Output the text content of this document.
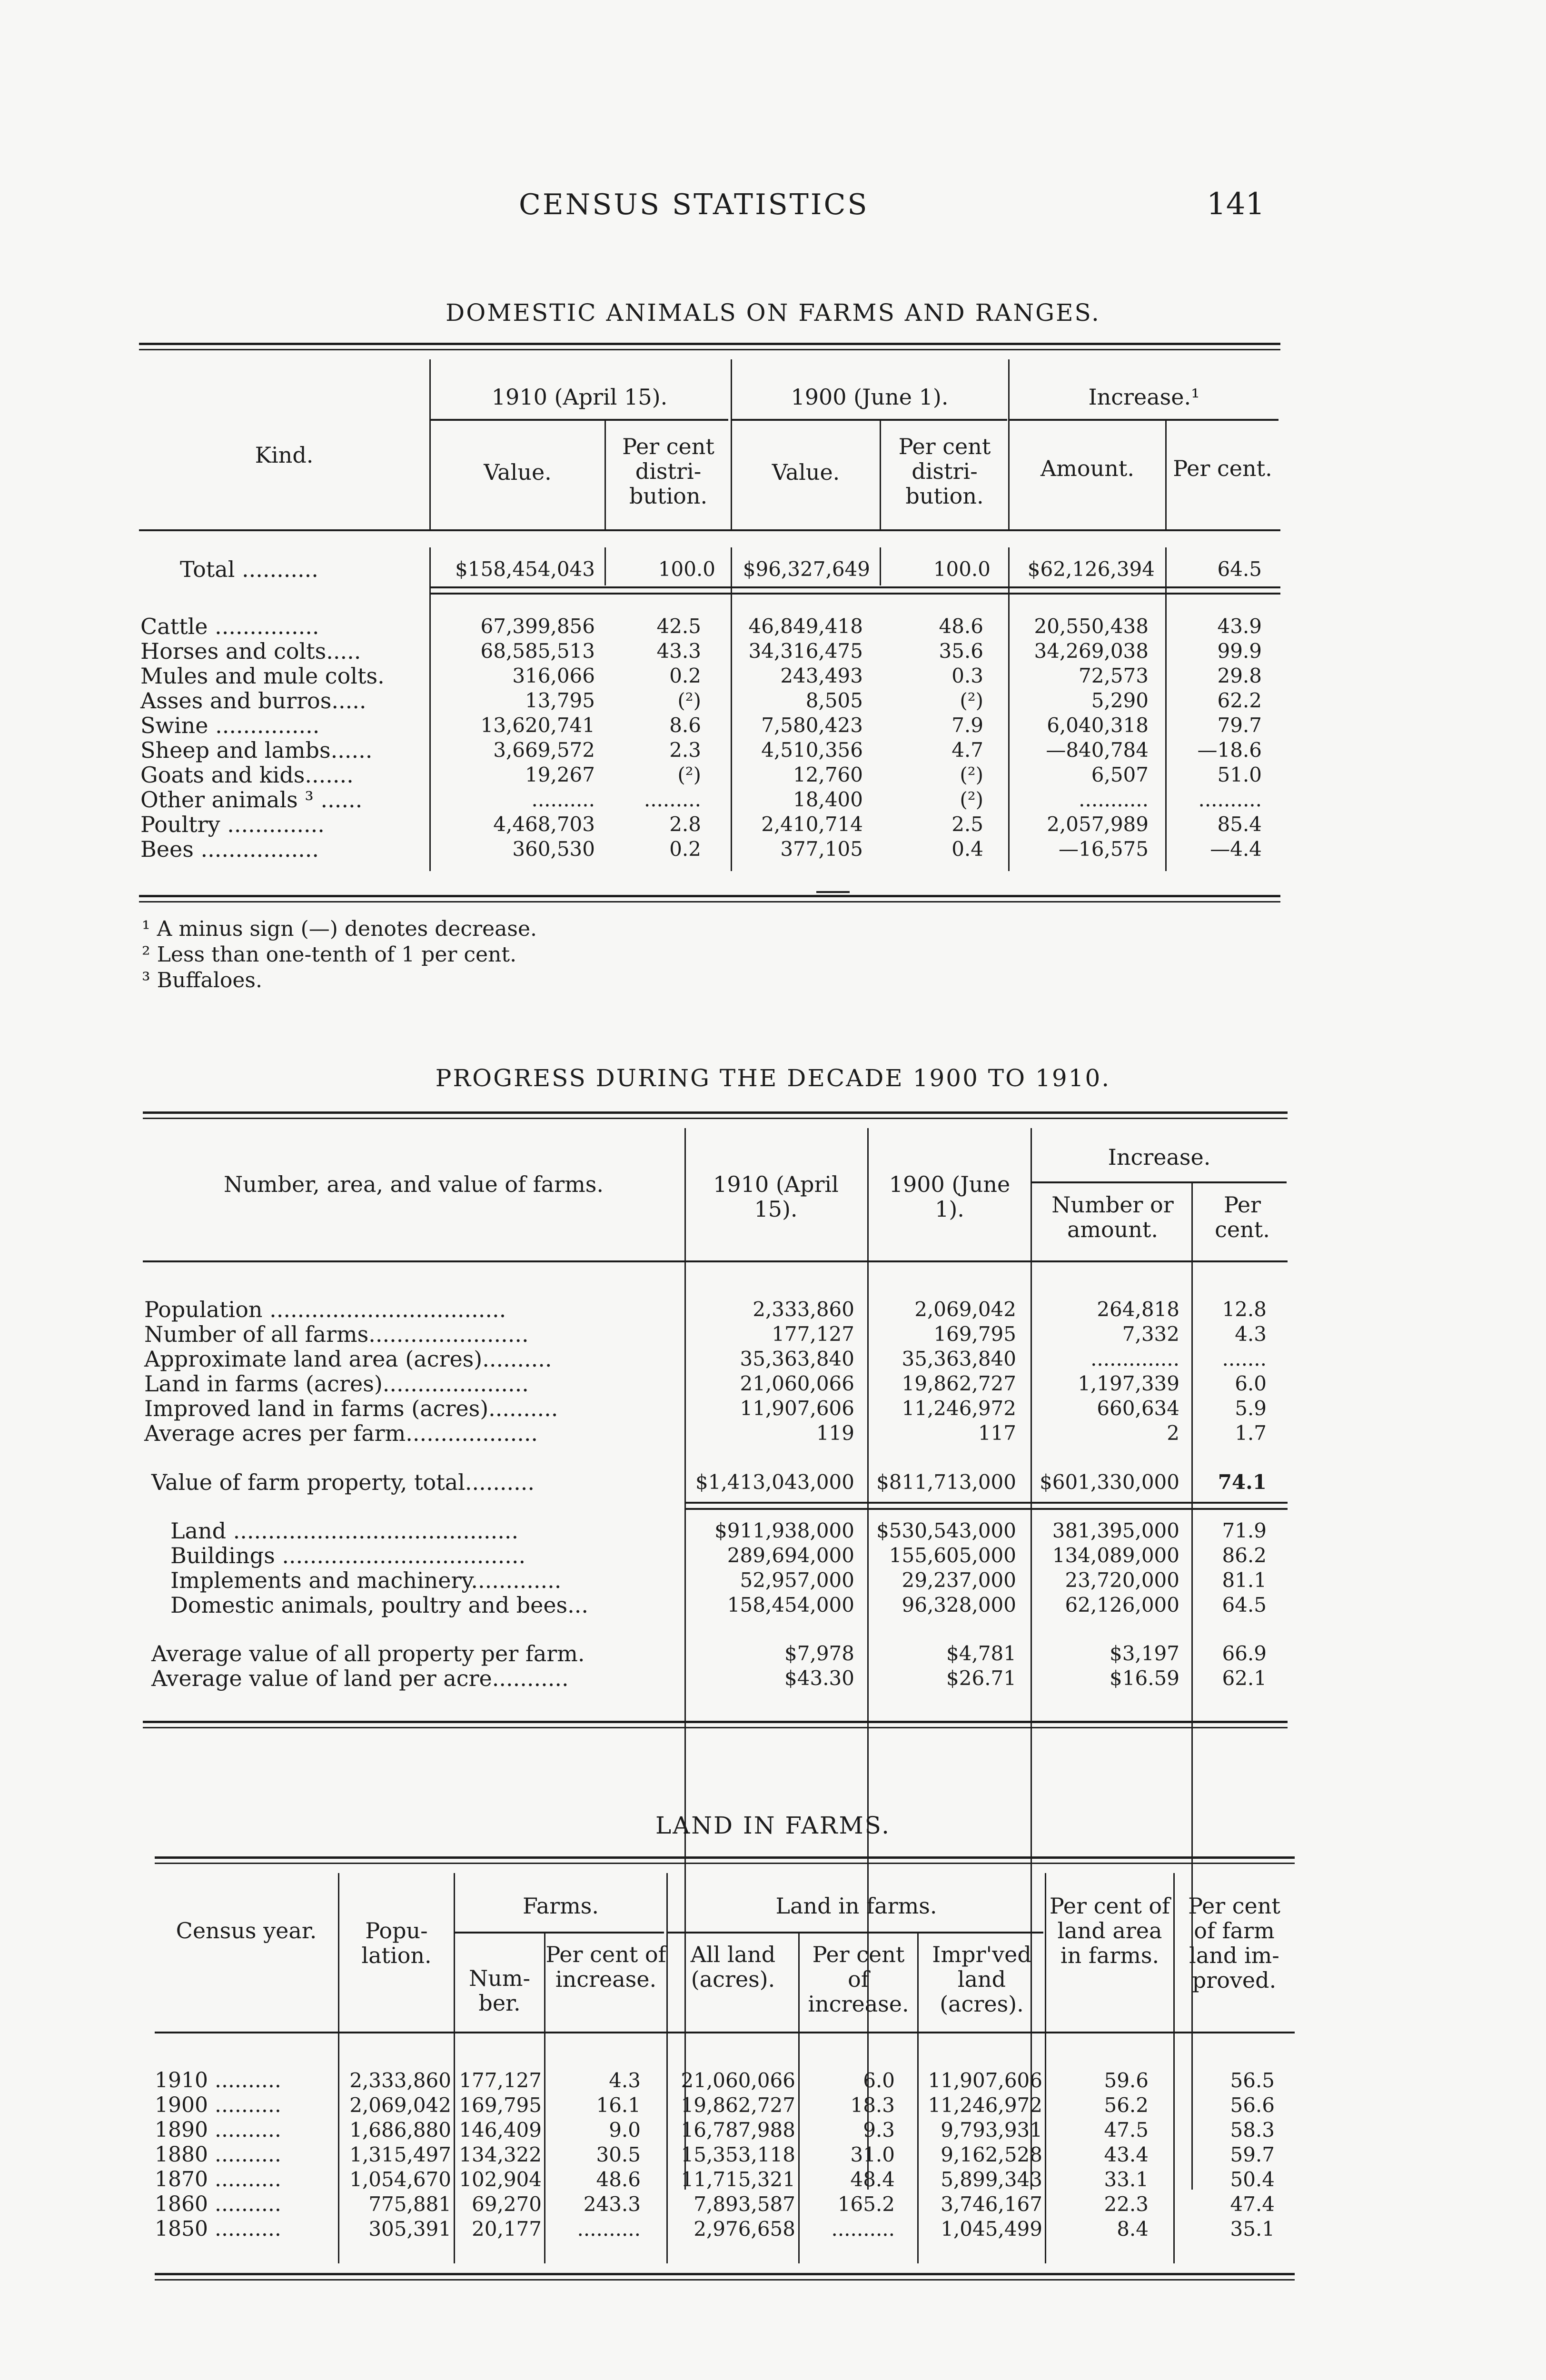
CENSUS STATISTICS	141
DOMESTIC ANIMALS ON FARMS AND RANGES.
Kind.
1910 (April 15).	1900 (June 1).	Increase.¹
Value.
Per cent distri- bution.
Value.
Per cent distri- bution.
Amount.	Per cent.
Total ...........	$158,454,043	100.0	$96,327,649	100.0	$62,126,394	64.5
Cattle ...............	67,399,856	42.5	46,849,418	48.6	20,550,438	43.9
Horses and colts.....	68,585,513	43.3	34,316,475	35.6	34,269,038	99.9
Mules and mule colts.	316,066	0.2	243,493	0.3	72,573	29.8
Asses and burros.....	13,795	(²)	8,505	(²)	5,290	62.2
Swine ...............	13,620,741	8.6	7,580,423	7.9	6,040,318	79.7
Sheep and lambs......	3,669,572	2.3	4,510,356	4.7	—840,784	—18.6
Goats and kids.......	19,267	(²)	12,760	(²)	6,507	51.0
Other animals ³ ......	..........	.........	18,400	(²)	...........	..........
Poultry ..............	4,468,703	2.8	2,410,714	2.5	2,057,989	85.4
Bees .................	360,530	0.2	377,105	0.4	—16,575	—4.4
¹ A minus sign (—) denotes decrease.
² Less than one-tenth of 1 per cent.
³ Buffaloes.
PROGRESS DURING THE DECADE 1900 TO 1910.
Number, area, and value of farms.	1910 (April 15).
1900 (June 1).
Increase.
Number or amount.
Per cent.
Population ..................................	2,333,860	2,069,042	264,818	12.8
Number of all farms.......................	177,127	169,795	7,332	4.3
Approximate land area (acres)..........	35,363,840	35,363,840	..............	.......
Land in farms (acres).....................	21,060,066	19,862,727	1,197,339	6.0
Improved land in farms (acres)..........	11,907,606	11,246,972	660,634	5.9
Average acres per farm...................	119	117	2	1.7
Value of farm property, total..........	$1,413,043,000	$811,713,000	$601,330,000	74.1
Land .........................................	$911,938,000	$530,543,000	381,395,000	71.9
Buildings ...................................	289,694,000	155,605,000	134,089,000	86.2
Implements and machinery.............	52,957,000	29,237,000	23,720,000	81.1
Domestic animals, poultry and bees...	158,454,000	96,328,000	62,126,000	64.5
Average value of all property per farm.	$7,978	$4,781	$3,197	66.9
Average value of land per acre...........	$43.30	$26.71	$16.59	62.1
LAND IN FARMS.
Census year.	Popu- lation.
Farms.	Land in farms.
Num- ber.
Per cent of increase.
All land (acres).
Per cent of increase.
Impr'ved land (acres).
Per cent of land area in farms.
Per cent of farm land im- proved.
1910 ..........	2,333,860 177,127	4.3	21,060,066	6.0	11,907,606	59.6	56.5
1900 ..........	2,069,042 169,795	16.1	19,862,727	18.3	11,246,972	56.2	56.6
1890 ..........	1,686,880 146,409	9.0	16,787,988	9.3	9,793,931	47.5	58.3
1880 ..........	1,315,497 134,322	30.5	15,353,118	31.0	9,162,528	43.4	59.7
1870 ..........	1,054,670 102,904	48.6	11,715,321	48.4	5,899,343	33.1	50.4
1860 ..........	775,881	69,270	243.3	7,893,587	165.2	3,746,167	22.3	47.4
1850 ..........	305,391	20,177	..........	2,976,658	..........	1,045,499	8.4	35.1
